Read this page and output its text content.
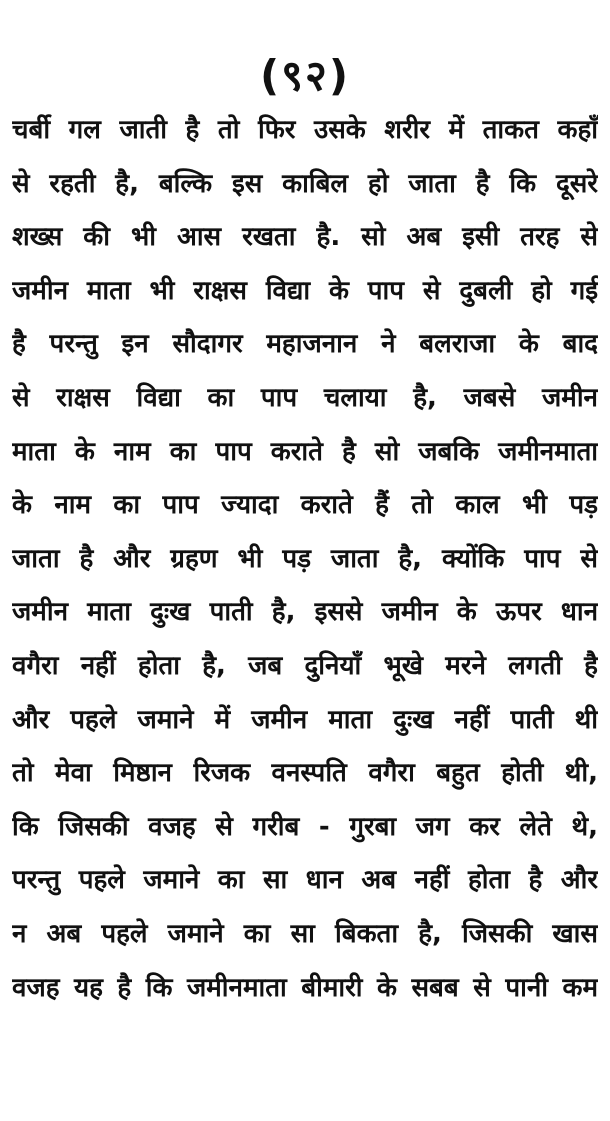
(९२)
चर्बी गल जाती है तो फिर उसके शरीर में ताकत कहाँ
से रहती है, बल्कि इस काबिल हो जाता है कि दूसरे
शख्स की भी आस रखता है. सो अब इसी तरह से
जमीन माता भी राक्षस विद्या के पाप से दुबली हो गई
है परन्तु इन सौदागर महाजनान ने बलराजा के बाद
से राक्षस विद्या का पाप चलाया है, जबसे जमीन
माता के नाम का पाप कराते है सो जबकि जमीनमाता
के नाम का पाप ज्यादा कराते हैं तो काल भी पड़
जाता है और ग्रहण भी पड़ जाता है, क्योंकि पाप से
जमीन माता दुःख पाती है, इससे जमीन के ऊपर धान
वगैरा नहीं होता है, जब दुनियाँ भूखे मरने लगती है
और पहले जमाने में जमीन माता दुःख नहीं पाती थी
तो मेवा मिष्ठान रिजक वनस्पति वगैरा बहुत होती थी,
कि जिसकी वजह से गरीब - गुरबा जग कर लेते थे,
परन्तु पहले जमाने का सा धान अब नहीं होता है और
न अब पहले जमाने का सा बिकता है, जिसकी खास
वजह यह है कि जमीनमाता बीमारी के सबब से पानी कम
